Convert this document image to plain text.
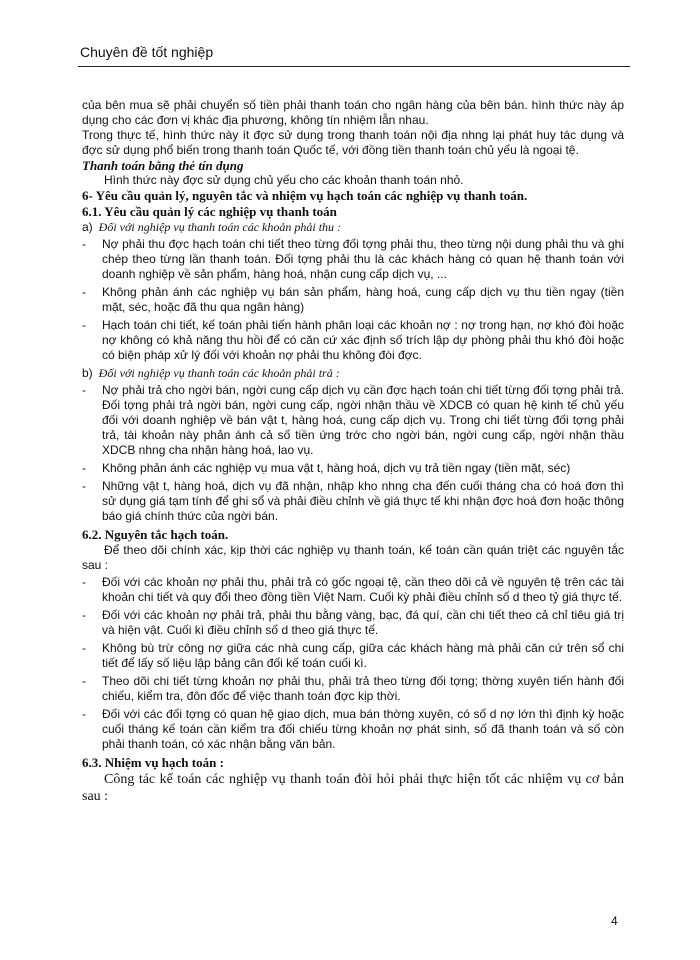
Chuyên đề tốt nghiệp

của bên mua sẽ phải chuyển số tiền phải thanh toán cho ngân hàng của bên bán. hình thức này áp dụng cho các đơn vị khác địa phương, không tín nhiệm lẫn nhau.

Trong thực tế, hình thức này ít đợc sử dụng trong thanh toán nội địa nhng lại phát huy tác dụng và đợc sử dụng phổ biến trong thanh toán Quốc tế, với đồng tiền thanh toán chủ yếu là ngoại tệ.

Thanh toán bằng thẻ tín dụng

Hình thức này đợc sử dụng chủ yếu cho các khoản thanh toán nhỏ.

6- Yêu cầu quản lý, nguyên tắc và nhiệm vụ hạch toán các nghiệp vụ thanh toán.

6.1. Yêu cầu quản lý các nghiệp vụ thanh toán

a) Đối với nghiệp vụ thanh toán các khoản phải thu :

- Nợ phải thu đợc hạch toán chi tiết theo từng đối tợng phải thu, theo từng nội dung phải thu và ghi chép theo từng lần thanh toán. Đối tợng phải thu là các khách hàng có quan hệ thanh toán với doanh nghiệp về sản phẩm, hàng hoá, nhận cung cấp dịch vụ, ...
- Không phản ánh các nghiệp vụ bán sản phẩm, hàng hoá, cung cấp dịch vụ thu tiền ngay (tiền mặt, séc, hoặc đã thu qua ngân hàng)
- Hạch toán chi tiết, kế toán phải tiến hành phân loại các khoản nợ : nợ trong hạn, nợ khó đòi hoặc nợ không có khả năng thu hồi để có căn cứ xác định số trích lập dự phòng phải thu khó đòi hoặc có biện pháp xử lý đối với khoản nợ phải thu không đòi đợc.

b) Đối với nghiệp vụ thanh toán các khoản phải trả :

- Nợ phải trả cho ngời bán, ngời cung cấp dịch vụ cần đợc hạch toán chi tiết từng đối tợng phải trả. Đối tợng phải trả ngời bán, ngời cung cấp, ngời nhận thầu về XDCB có quan hệ kinh tế chủ yếu đối với doanh nghiệp về bán vật t, hàng hoá, cung cấp dịch vụ. Trong chi tiết từng đối tợng phải trả, tài khoản này phản ánh cả số tiền ứng trớc cho ngời bán, ngời cung cấp, ngời nhận thầu XDCB nhng cha nhận hàng hoá, lao vụ.
- Không phản ánh các nghiệp vụ mua vật t, hàng hoá, dịch vụ trả tiền ngay (tiền mặt, séc)
- Những vật t, hàng hoá, dịch vụ đã nhận, nhập kho nhng cha đến cuối tháng cha có hoá đơn thì sử dụng giá tạm tính để ghi sổ và phải điều chỉnh về giá thực tế khi nhận đợc hoá đơn hoặc thông báo giá chính thức của ngời bán.

6.2. Nguyên tắc hạch toán.

Để theo dõi chính xác, kịp thời các nghiệp vụ thanh toán, kế toán cần quán triệt các nguyên tắc sau :

- Đối với các khoản nợ phải thu, phải trả có gốc ngoại tệ, cần theo dõi cả về nguyên tệ trên các tài khoản chi tiết và quy đổi theo đồng tiền Việt Nam. Cuối kỳ phải điều chỉnh số d theo tỷ giá thực tế.
- Đối với các khoản nợ phải trả, phải thu bằng vàng, bạc, đá quí, cần chi tiết theo cả chỉ tiêu giá trị và hiện vật. Cuối kì điều chỉnh số d theo giá thực tế.
- Không bù trừ công nợ giữa các nhà cung cấp, giữa các khách hàng mà phải căn cứ trên sổ chi tiết để lấy số liệu lập bảng cân đối kế toán cuối kì.
- Theo dõi chi tiết từng khoản nợ phải thu, phải trả theo từng đối tợng; thờng xuyên tiến hành đối chiếu, kiểm tra, đôn đốc để việc thanh toán đợc kịp thời.
- Đối với các đối tợng có quan hệ giao dịch, mua bán thờng xuyên, có số d nợ lớn thì định kỳ hoặc cuối tháng kế toán cần kiểm tra đối chiếu từng khoản nợ phát sinh, số đã thanh toán và số còn phải thanh toán, có xác nhận bằng văn bản.

6.3. Nhiệm vụ hạch toán :

Công tác kế toán các nghiệp vụ thanh toán đòi hỏi phải thực hiện tốt các nhiệm vụ cơ bản sau :

4
